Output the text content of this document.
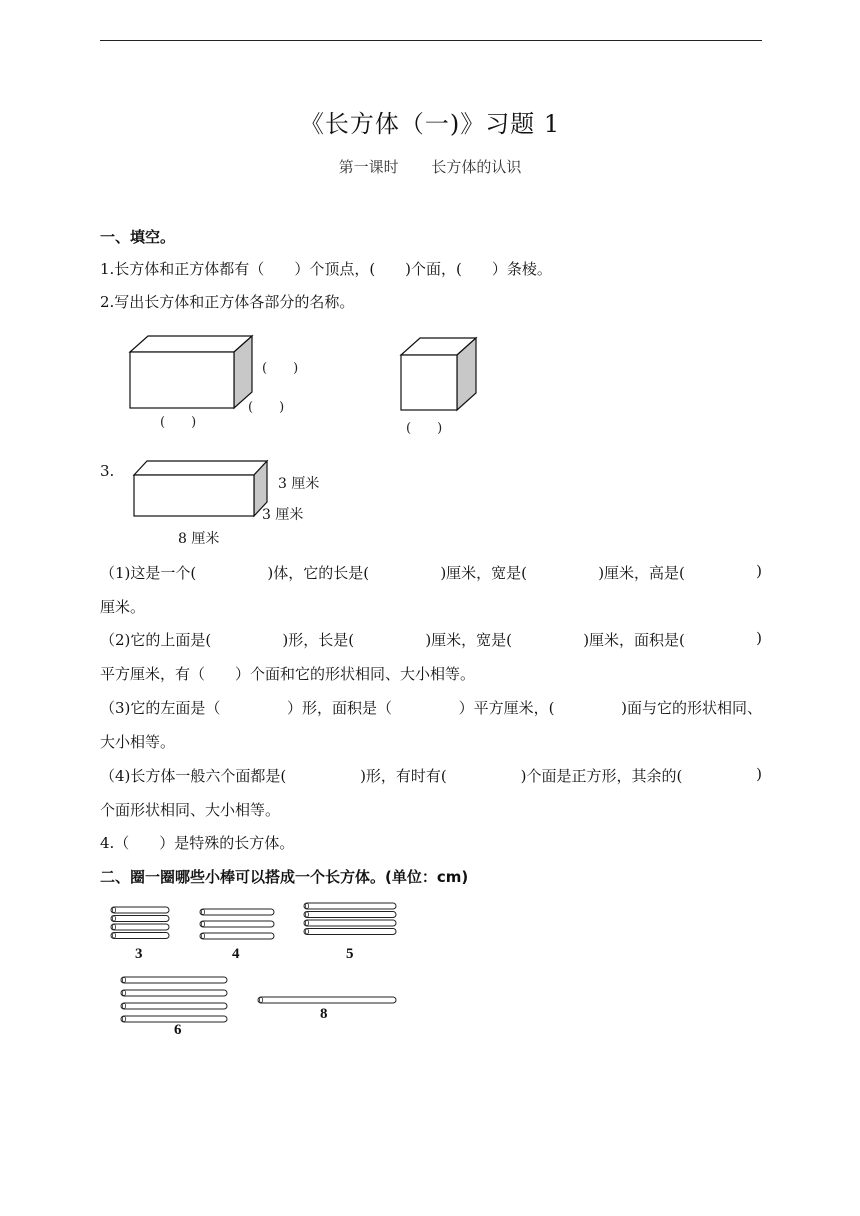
《长方体（一)》习题 1
第一课时 长方体的认识
一、填空。
1.长方体和正方体都有（　　）个顶点，(　　)个面，(　　）条棱。
2.写出长方体和正方体各部分的名称。
(　　)
(　　)
(　　)	(　　)
3.
3 厘米
3 厘米
8 厘米
（1)这是一个(	)体，它的长是(	)厘米，宽是(	)厘米，高是(	)
厘米。
（2)它的上面是(	)形，长是(	)厘米，宽是(	)厘米，面积是(	)
平方厘米，有（　　）个面和它的形状相同、大小相等。
（3)它的左面是（	）形，面积是（	）平方厘米，(	)面与它的形状相同、
大小相等。
（4)长方体一般六个面都是(	)形，有时有(	)个面是正方形，其余的(	)
个面形状相同、大小相等。
4.（　　）是特殊的长方体。
二、圈一圈哪些小棒可以搭成一个长方体。(单位：cm)
3	4	5
6
8
